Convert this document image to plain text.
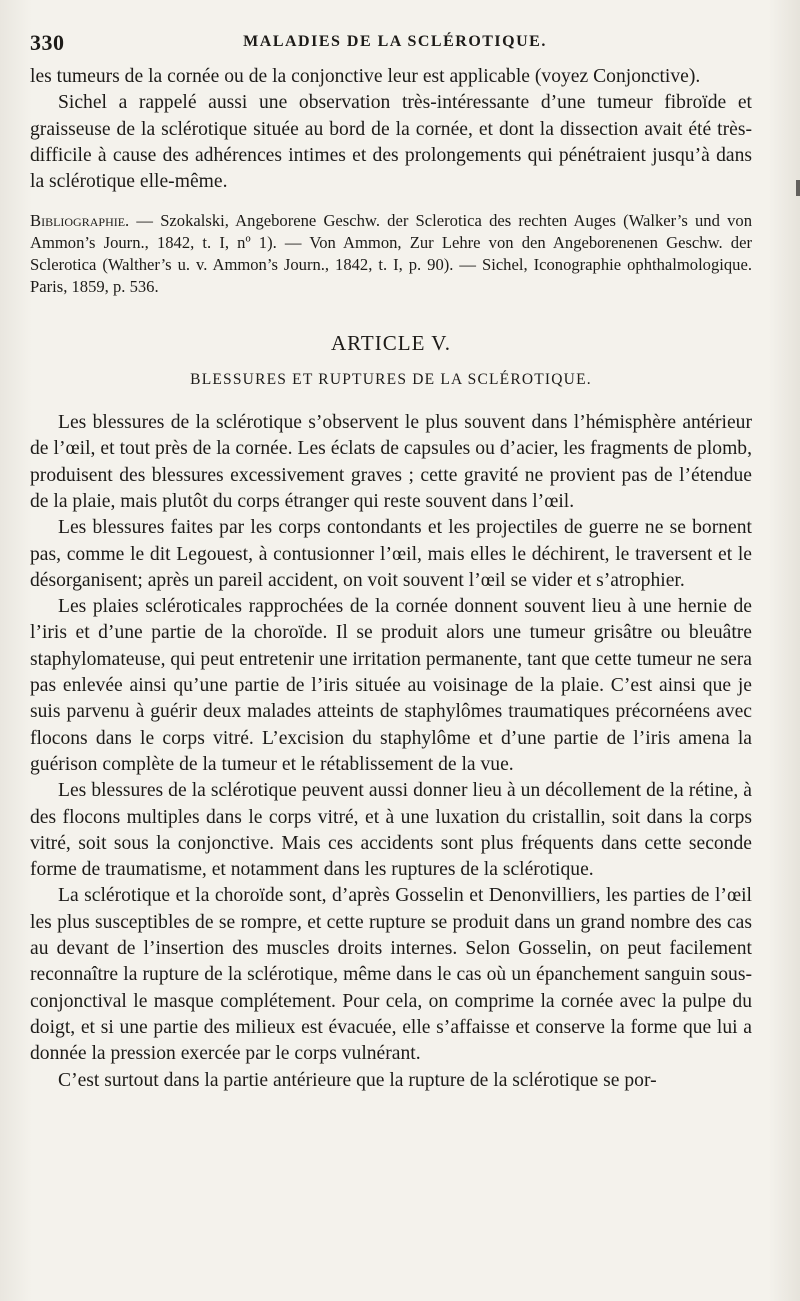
330	MALADIES DE LA SCLÉROTIQUE.

les tumeurs de la cornée ou de la conjonctive leur est applicable (voyez Conjonctive).

Sichel a rappelé aussi une observation très-intéressante d’une tumeur fibroïde et graisseuse de la sclérotique située au bord de la cornée, et dont la dissection avait été très-difficile à cause des adhérences intimes et des prolongements qui pénétraient jusqu’à dans la sclérotique elle-même.

Bibliographie. — Szokalski, Angeborene Geschw. der Sclerotica des rechten Auges (Walker’s und von Ammon’s Journ., 1842, t. I, nº 1). — Von Ammon, Zur Lehre von den Angeborenenen Geschw. der Sclerotica (Walther’s u. v. Ammon’s Journ., 1842, t. I, p. 90). — Sichel, Iconographie ophthalmologique. Paris, 1859, p. 536.

ARTICLE V.
BLESSURES ET RUPTURES DE LA SCLÉROTIQUE.

Les blessures de la sclérotique s’observent le plus souvent dans l’hémisphère antérieur de l’œil, et tout près de la cornée. Les éclats de capsules ou d’acier, les fragments de plomb, produisent des blessures excessivement graves ; cette gravité ne provient pas de l’étendue de la plaie, mais plutôt du corps étranger qui reste souvent dans l’œil.

Les blessures faites par les corps contondants et les projectiles de guerre ne se bornent pas, comme le dit Legouest, à contusionner l’œil, mais elles le déchirent, le traversent et le désorganisent; après un pareil accident, on voit souvent l’œil se vider et s’atrophier.

Les plaies scléroticales rapprochées de la cornée donnent souvent lieu à une hernie de l’iris et d’une partie de la choroïde. Il se produit alors une tumeur grisâtre ou bleuâtre staphylomateuse, qui peut entretenir une irritation permanente, tant que cette tumeur ne sera pas enlevée ainsi qu’une partie de l’iris située au voisinage de la plaie. C’est ainsi que je suis parvenu à guérir deux malades atteints de staphylômes traumatiques précornéens avec flocons dans le corps vitré. L’excision du staphylôme et d’une partie de l’iris amena la guérison complète de la tumeur et le rétablissement de la vue.

Les blessures de la sclérotique peuvent aussi donner lieu à un décollement de la rétine, à des flocons multiples dans le corps vitré, et à une luxation du cristallin, soit dans la corps vitré, soit sous la conjonctive. Mais ces accidents sont plus fréquents dans cette seconde forme de traumatisme, et notamment dans les ruptures de la sclérotique.

La sclérotique et la choroïde sont, d’après Gosselin et Denonvilliers, les parties de l’œil les plus susceptibles de se rompre, et cette rupture se produit dans un grand nombre des cas au devant de l’insertion des muscles droits internes. Selon Gosselin, on peut facilement reconnaître la rupture de la sclérotique, même dans le cas où un épanchement sanguin sous-conjonctival le masque complétement. Pour cela, on comprime la cornée avec la pulpe du doigt, et si une partie des milieux est évacuée, elle s’affaisse et conserve la forme que lui a donnée la pression exercée par le corps vulnérant.

C’est surtout dans la partie antérieure que la rupture de la sclérotique se por-
